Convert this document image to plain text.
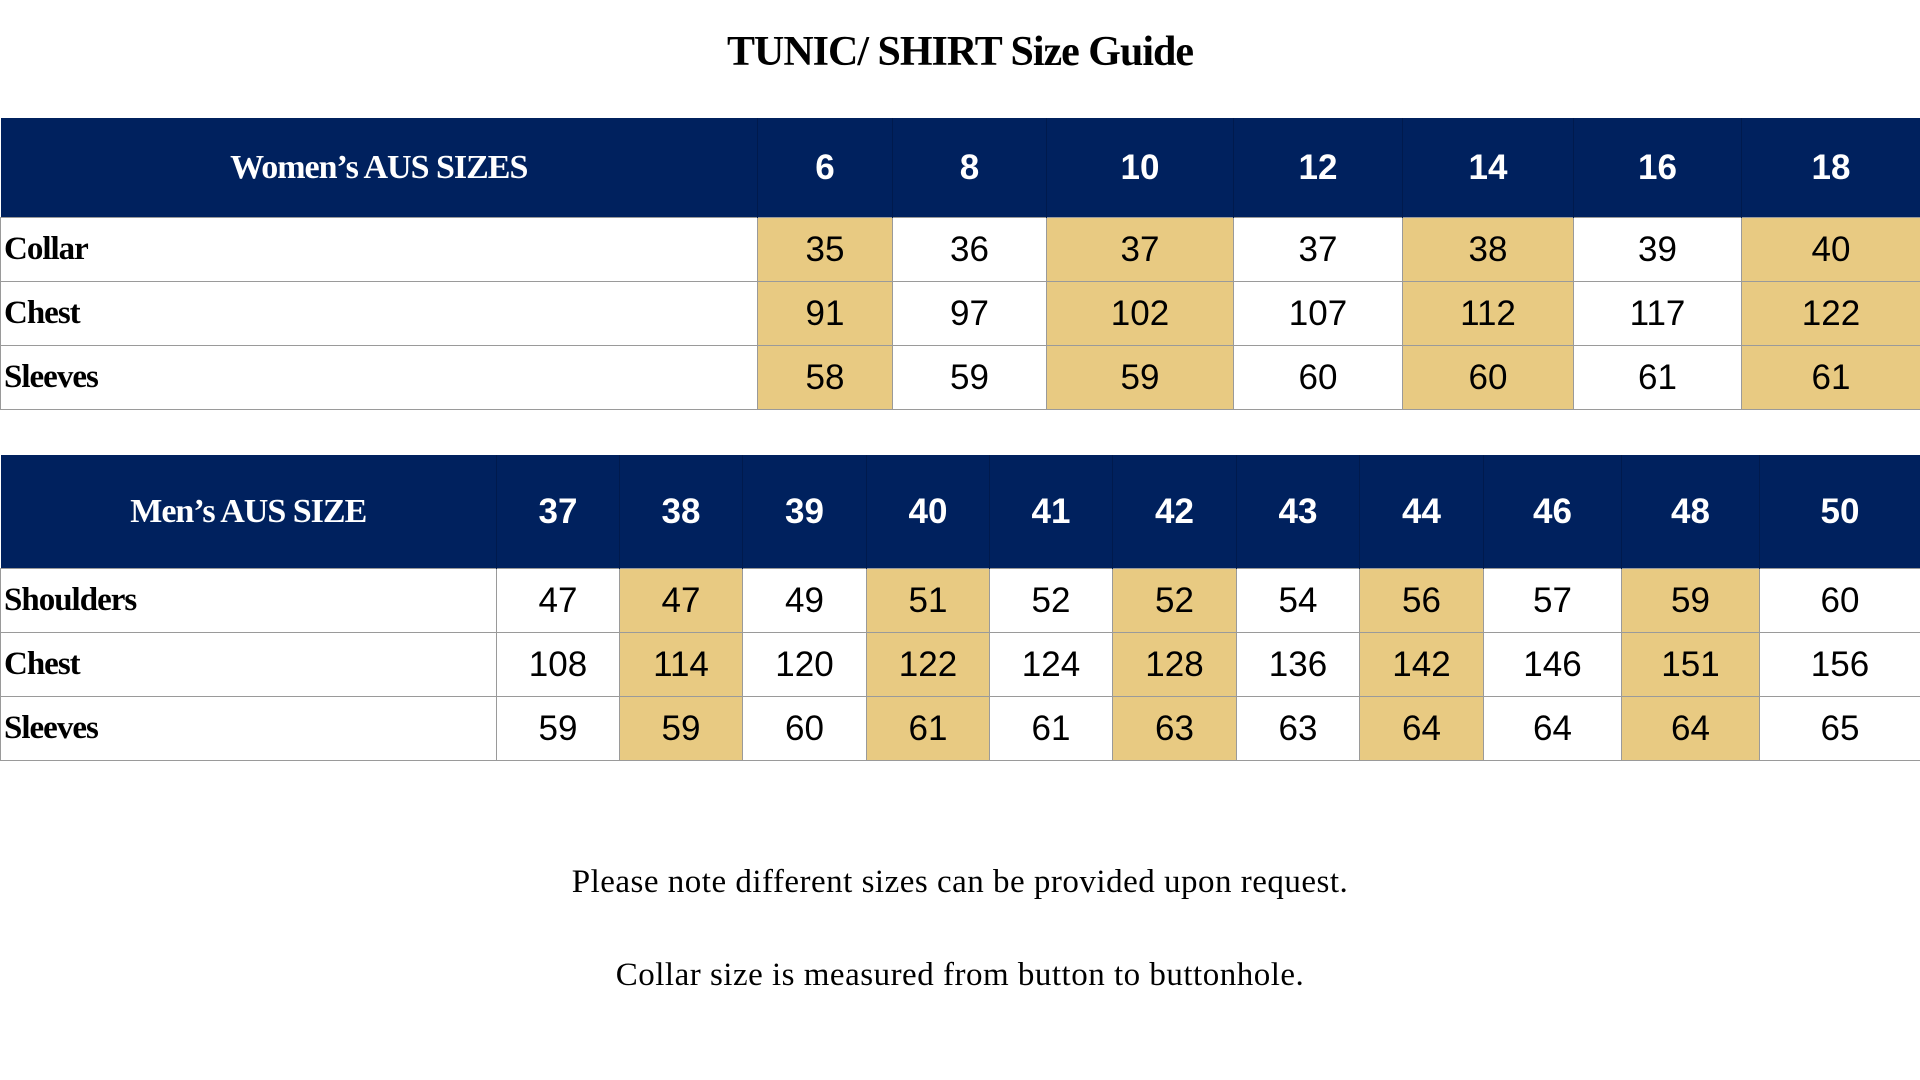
TUNIC/ SHIRT Size Guide
Women’s AUS SIZES	6	8	10	12	14	16	18
Collar	35	36	37	37	38	39	40
Chest	91	97	102	107	112	117	122
Sleeves	58	59	59	60	60	61	61
Men’s AUS SIZE	37	38	39	40	41	42	43	44	46	48	50
Shoulders	47	47	49	51	52	52	54	56	57	59	60
Chest	108	114	120	122	124	128	136	142	146	151	156
Sleeves	59	59	60	61	61	63	63	64	64	64	65
Please note different sizes can be provided upon request.
Collar size is measured from button to buttonhole.
